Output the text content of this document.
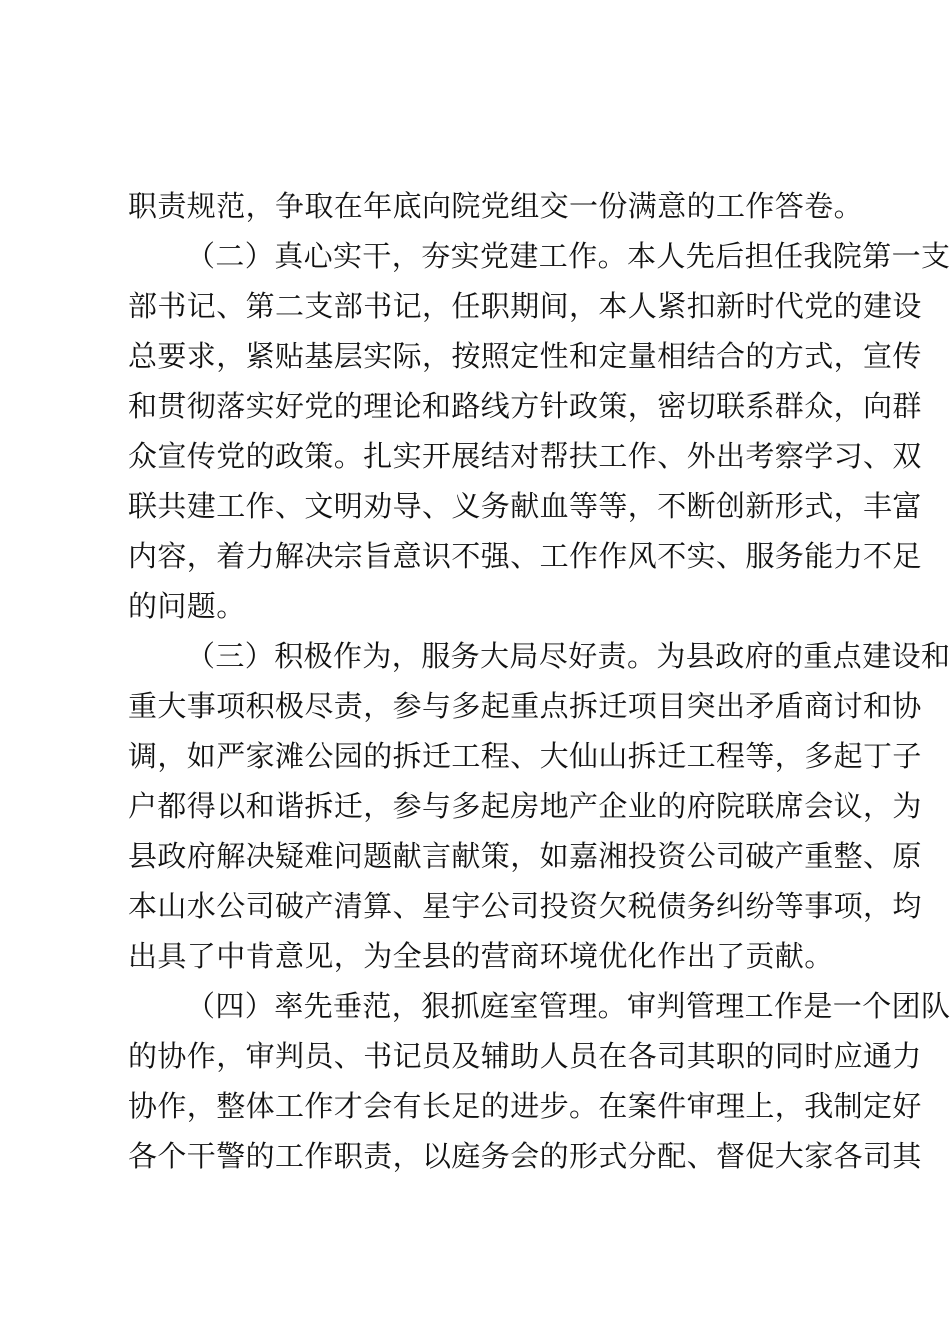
职责规范，争取在年底向院党组交一份满意的工作答卷。
（二）真心实干，夯实党建工作。本人先后担任我院第一支
部书记、第二支部书记，任职期间，本人紧扣新时代党的建设
总要求，紧贴基层实际，按照定性和定量相结合的方式，宣传
和贯彻落实好党的理论和路线方针政策，密切联系群众，向群
众宣传党的政策。扎实开展结对帮扶工作、外出考察学习、双
联共建工作、文明劝导、义务献血等等，不断创新形式，丰富
内容，着力解决宗旨意识不强、工作作风不实、服务能力不足
的问题。
（三）积极作为，服务大局尽好责。为县政府的重点建设和
重大事项积极尽责，参与多起重点拆迁项目突出矛盾商讨和协
调，如严家滩公园的拆迁工程、大仙山拆迁工程等，多起丁子
户都得以和谐拆迁，参与多起房地产企业的府院联席会议，为
县政府解决疑难问题献言献策，如嘉湘投资公司破产重整、原
本山水公司破产清算、星宇公司投资欠税债务纠纷等事项，均
出具了中肯意见，为全县的营商环境优化作出了贡献。
（四）率先垂范，狠抓庭室管理。审判管理工作是一个团队
的协作，审判员、书记员及辅助人员在各司其职的同时应通力
协作，整体工作才会有长足的进步。在案件审理上，我制定好
各个干警的工作职责，以庭务会的形式分配、督促大家各司其
